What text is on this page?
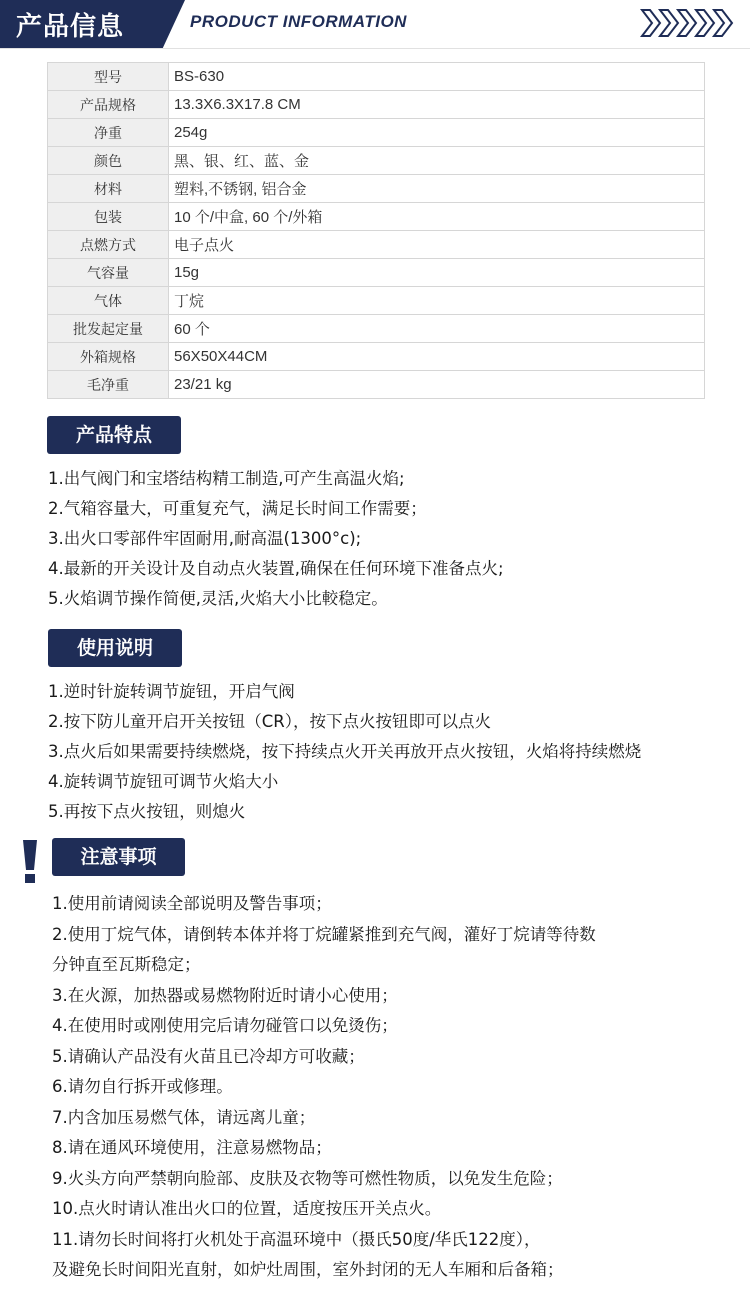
产品信息	PRODUCT INFORMATION
型号	BS-630
产品规格	13.3X6.3X17.8 CM
净重	254g
颜色	黑、银、红、蓝、金
材料	塑料,不锈钢, 铝合金
包装	10 个/中盒, 60 个/外箱
点燃方式	电子点火
气容量	15g
气体	丁烷
批发起定量	60 个
外箱规格	56X50X44CM
毛净重	23/21 kg
产品特点
1.出气阀门和宝塔结构精工制造,可产生高温火焰;
2.气箱容量大，可重复充气，满足长时间工作需要；
3.出火口零部件牢固耐用,耐高温(1300°c);
4.最新的开关设计及自动点火装置,确保在任何环境下准备点火;
5.火焰调节操作简便,灵活,火焰大小比較稳定。
使用说明
1.逆时针旋转调节旋钮，开启气阀
2.按下防儿童开启开关按钮（CR），按下点火按钮即可以点火
3.点火后如果需要持续燃烧，按下持续点火开关再放开点火按钮，火焰将持续燃烧
4.旋转调节旋钮可调节火焰大小
5.再按下点火按钮，则熄火
注意事项
1.使用前请阅读全部说明及警告事项；
2.使用丁烷气体，请倒转本体并将丁烷罐紧推到充气阀，灌好丁烷请等待数
分钟直至瓦斯稳定；
3.在火源，加热器或易燃物附近时请小心使用；
4.在使用时或刚使用完后请勿碰管口以免烫伤；
5.请确认产品没有火苗且已冷却方可收藏；
6.请勿自行拆开或修理。
7.内含加压易燃气体，请远离儿童；
8.请在通风环境使用，注意易燃物品；
9.火头方向严禁朝向脸部、皮肤及衣物等可燃性物质，以免发生危险；
10.点火时请认准出火口的位置，适度按压开关点火。
11.请勿长时间将打火机处于高温环境中（摄氏50度/华氏122度），
及避免长时间阳光直射，如炉灶周围，室外封闭的无人车厢和后备箱；
